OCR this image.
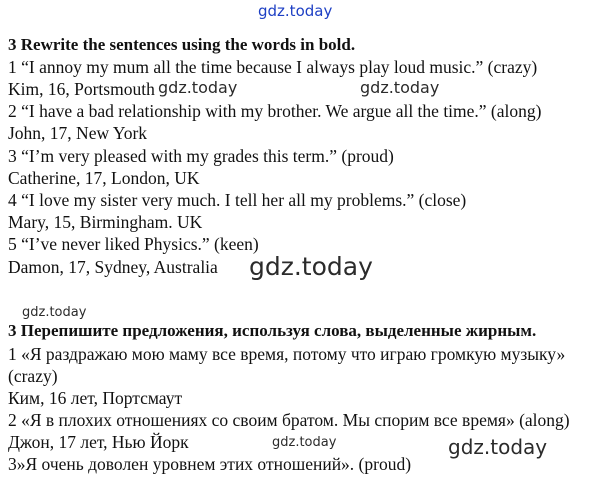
gdz.today
3 Rewrite the sentences using the words in bold.
1 “I annoy my mum all the time because I always play loud music.” (crazy)
Kim, 16, Portsmouth
2 “I have a bad relationship with my brother. We argue all the time.” (along)
John, 17, New York
3 “I’m very pleased with my grades this term.” (proud)
Catherine, 17, London, UK
4 “I love my sister very much. I tell her all my problems.” (close)
Mary, 15, Birmingham. UK
5 “I’ve never liked Physics.” (keen)
Damon, 17, Sydney, Australia
3 Перепишите предложения, используя слова, выделенные жирным.
1 «Я раздражаю мою маму все время, потому что играю громкую музыку»
(crazy)
Ким, 16 лет, Портсмаут
2 «Я в плохих отношениях со своим братом. Мы спорим все время» (along)
Джон, 17 лет, Нью Йорк
3»Я очень доволен уровнем этих отношений». (proud)
gdz.today	gdz.today
gdz.today
gdz.today
gdz.today	gdz.today
